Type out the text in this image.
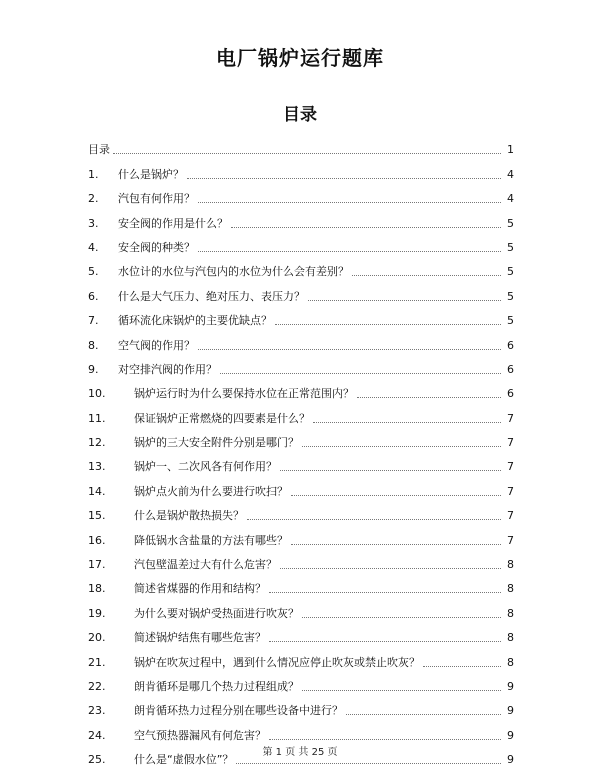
电厂锅炉运行题库
目录
目录	1
1.	什么是锅炉？	4
2.	汽包有何作用？	4
3.	安全阀的作用是什么？	5
4.	安全阀的种类？	5
5.	水位计的水位与汽包内的水位为什么会有差别？	5
6.	什么是大气压力、绝对压力、表压力？	5
7.	循环流化床锅炉的主要优缺点？	5
8.	空气阀的作用？	6
9.	对空排汽阀的作用？	6
10.	锅炉运行时为什么要保持水位在正常范围内？	6
11.	保证锅炉正常燃烧的四要素是什么？	7
12.	锅炉的三大安全附件分别是哪门？	7
13.	锅炉一、二次风各有何作用？	7
14.	锅炉点火前为什么要进行吹扫？	7
15.	什么是锅炉散热损失？	7
16.	降低锅水含盐量的方法有哪些？	7
17.	汽包壁温差过大有什么危害？	8
18.	简述省煤器的作用和结构？	8
19.	为什么要对锅炉受热面进行吹灰？	8
20.	简述锅炉结焦有哪些危害？	8
21.	锅炉在吹灰过程中，遇到什么情况应停止吹灰或禁止吹灰？	8
22.	朗肯循环是哪几个热力过程组成？	9
23.	朗肯循环热力过程分别在哪些设备中进行？	9
24.	空气预热器漏风有何危害？	9
25.	什么是“虚假水位”？	9
第 1 页 共 25 页
